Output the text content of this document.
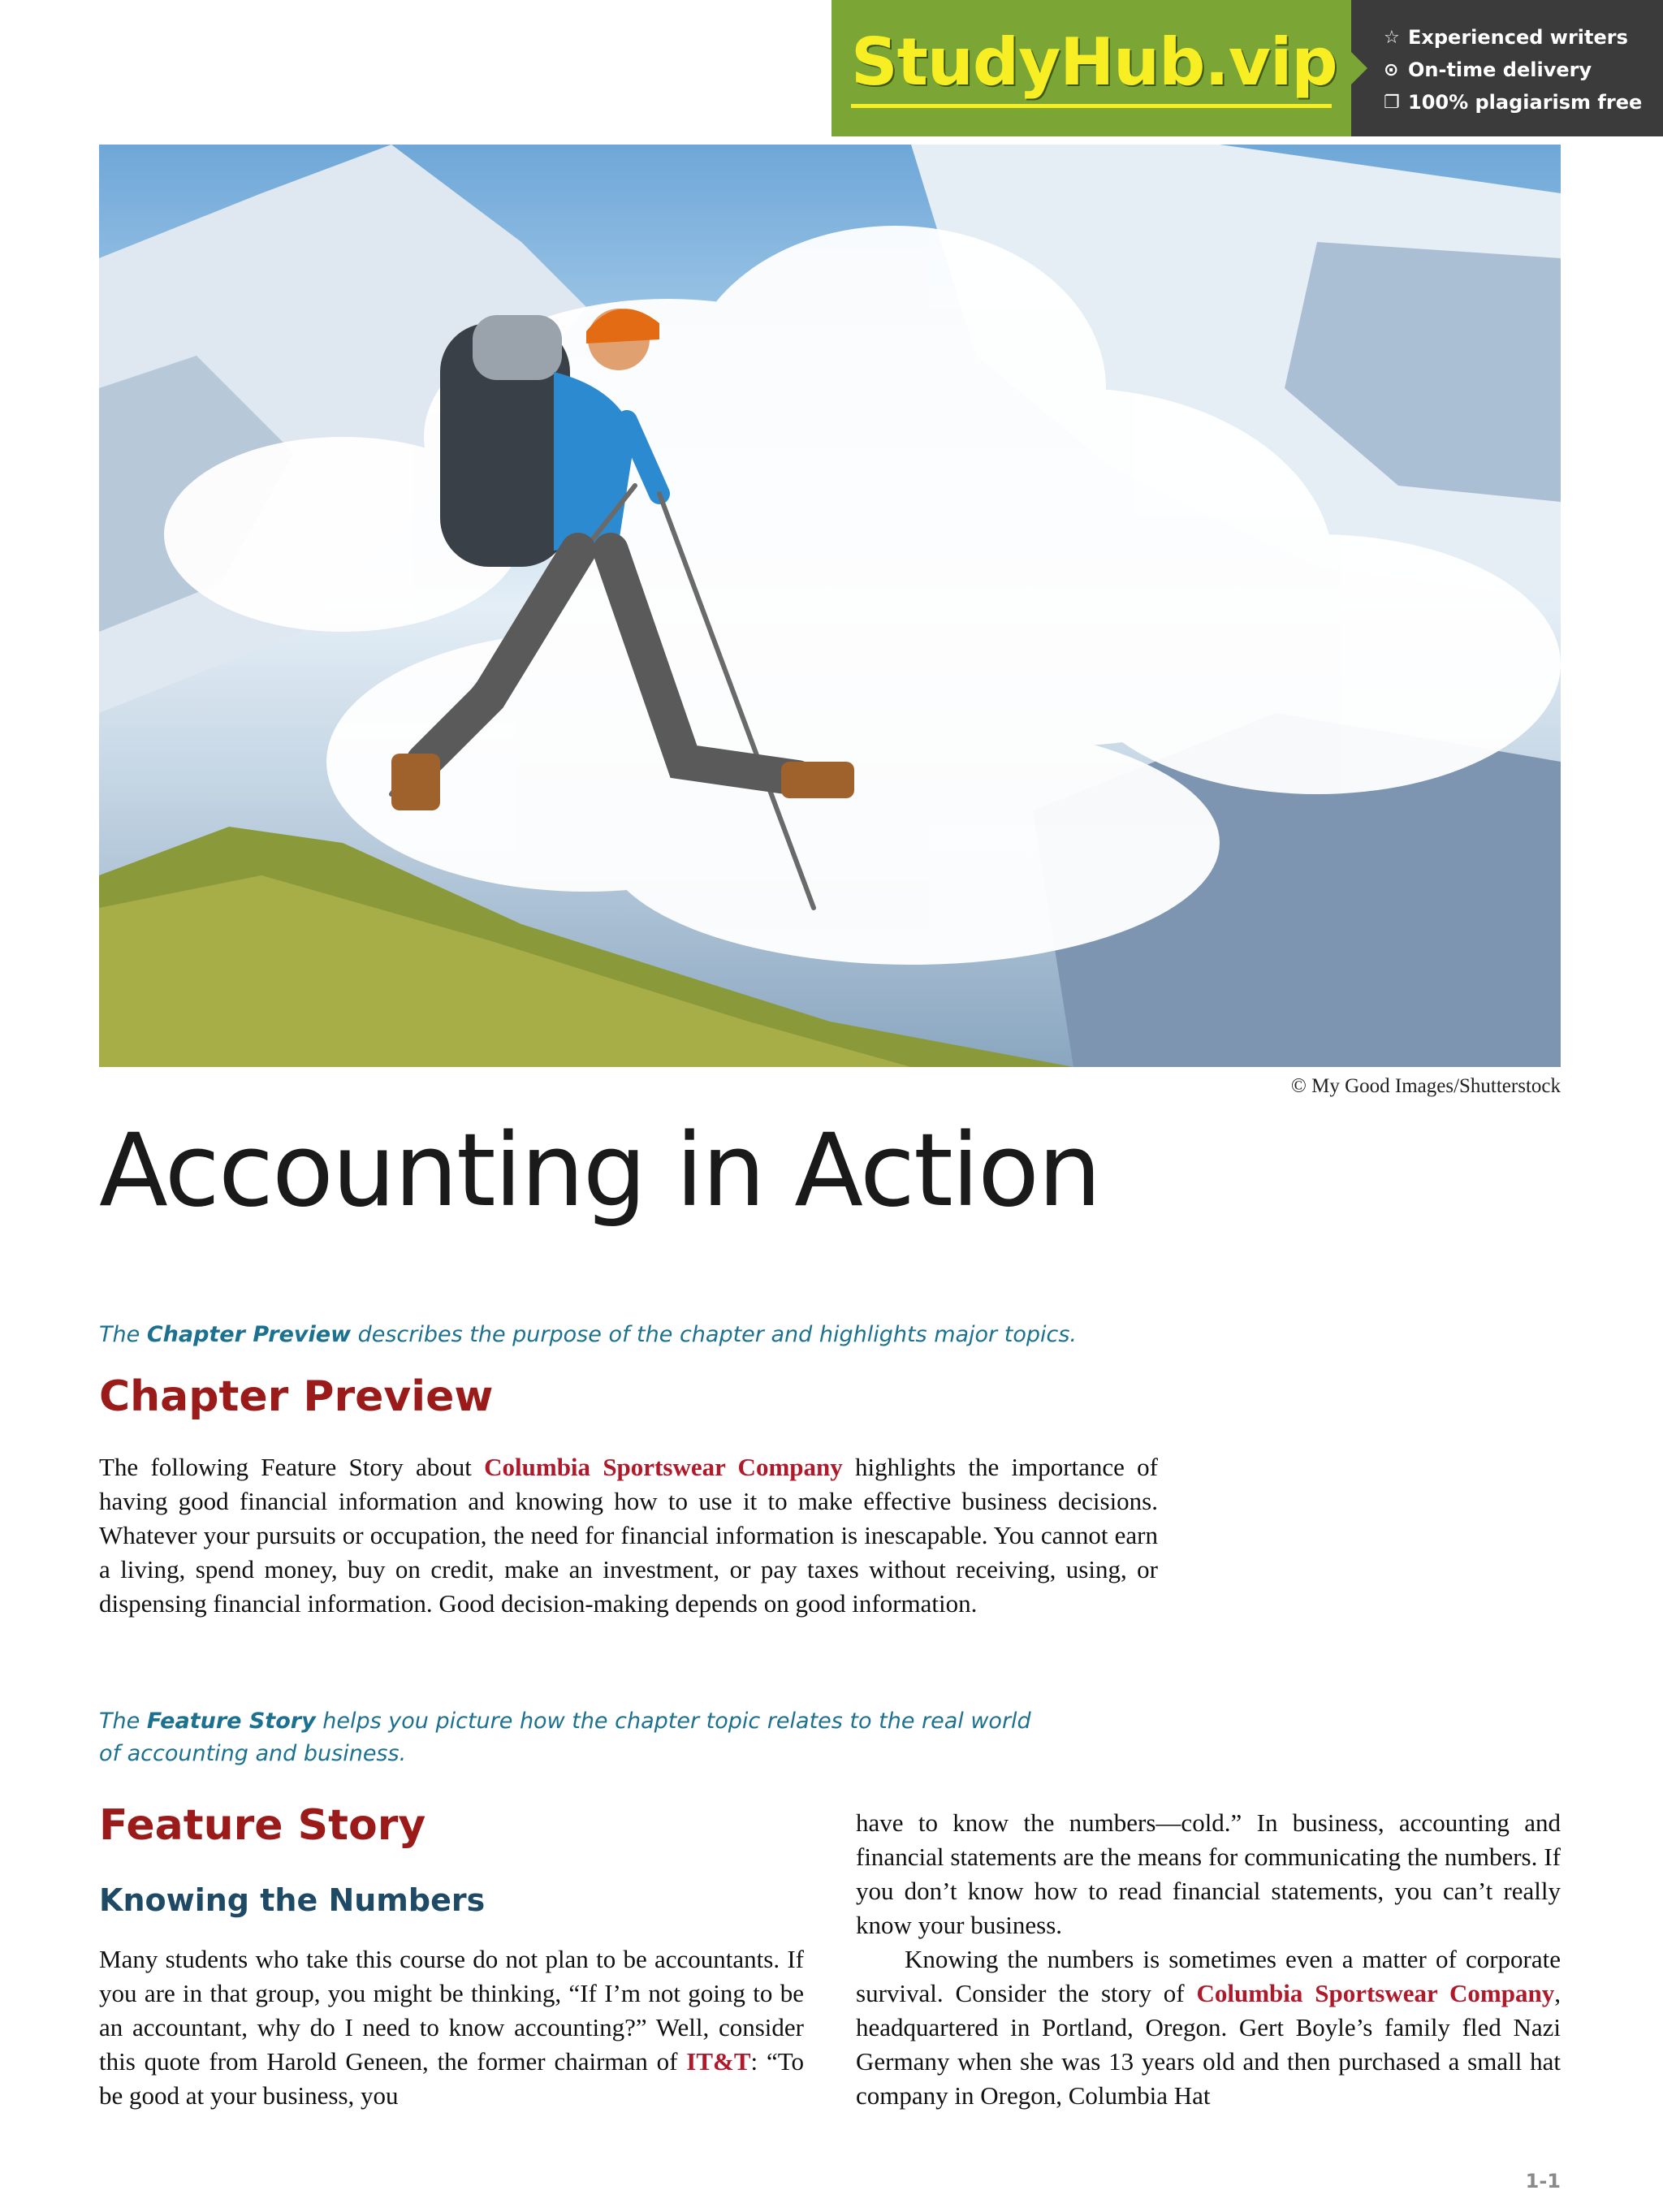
StudyHub.vip	☆ Experienced writers
⊙ On-time delivery
❐ 100% plagiarism free
© My Good Images/Shutterstock
Accounting in Action
The Chapter Preview describes the purpose of the chapter and highlights major topics.
Chapter Preview

The following Feature Story about Columbia Sportswear Company highlights the importance of having good financial information and knowing how to use it to make effective business decisions. Whatever your pursuits or occupation, the need for financial information is inescapable. You cannot earn a living, spend money, buy on credit, make an investment, or pay taxes without receiving, using, or dispensing financial information. Good decision-making depends on good information.

The Feature Story helps you picture how the chapter topic relates to the real world of accounting and business.
Feature Story
Knowing the Numbers

Many students who take this course do not plan to be accountants. If you are in that group, you might be thinking, “If I’m not going to be an accountant, why do I need to know accounting?” Well, consider this quote from Harold Geneen, the former chairman of IT&T: “To be good at your business, you

have to know the numbers—cold.” In business, accounting and financial statements are the means for communicating the numbers. If you don’t know how to read financial statements, you can’t really know your business.

Knowing the numbers is sometimes even a matter of corporate survival. Consider the story of Columbia Sportswear Company, headquartered in Portland, Oregon. Gert Boyle’s family fled Nazi Germany when she was 13 years old and then purchased a small hat company in Oregon, Columbia Hat

1-1
